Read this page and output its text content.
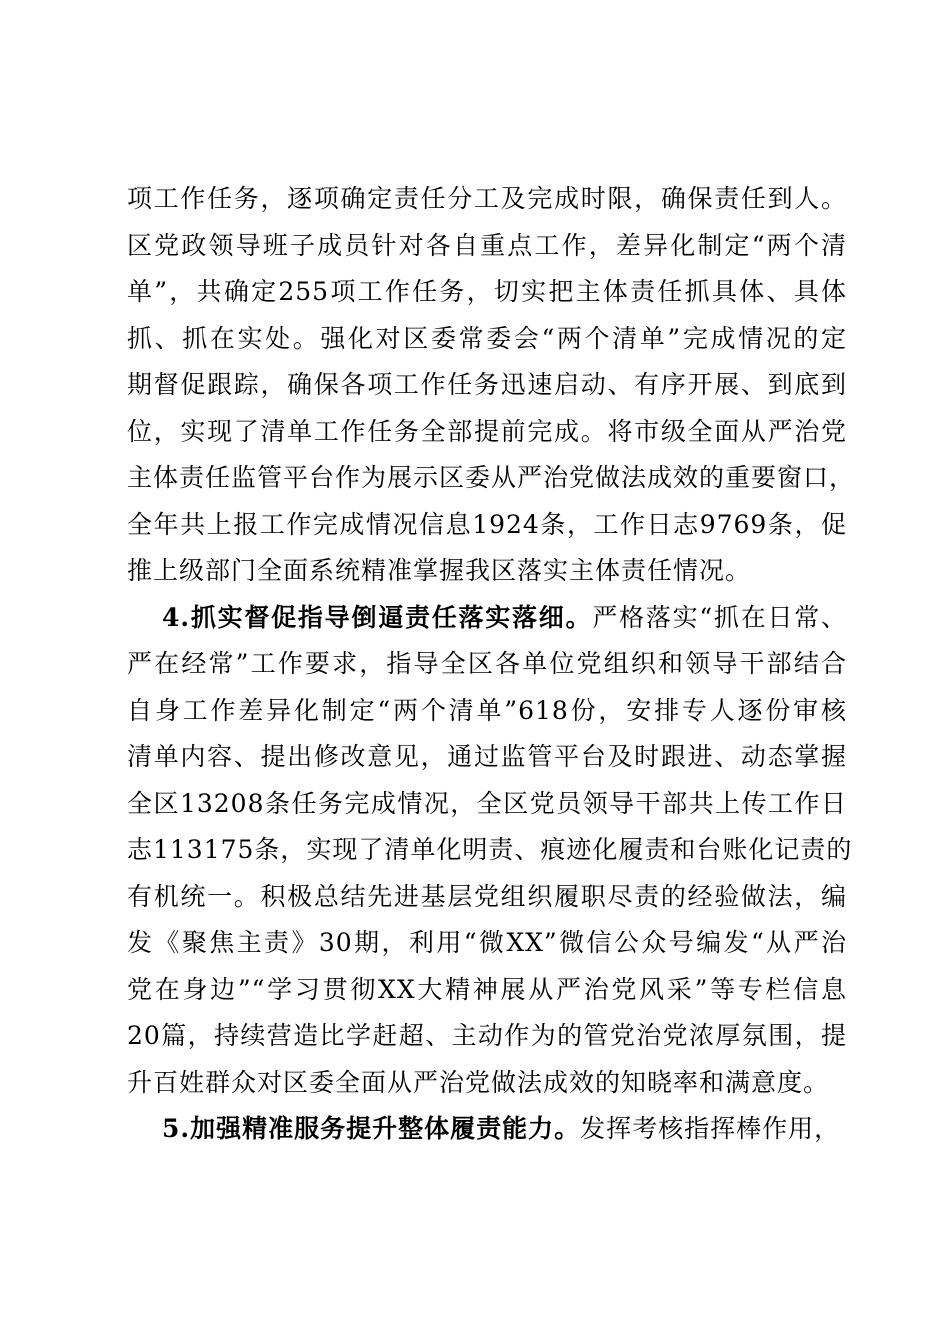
项工作任务，逐项确定责任分工及完成时限，确保责任到人。
区党政领导班子成员针对各自重点工作，差异化制定“两个清
单”，共确定255项工作任务，切实把主体责任抓具体、具体
抓、抓在实处。强化对区委常委会“两个清单”完成情况的定
期督促跟踪，确保各项工作任务迅速启动、有序开展、到底到
位，实现了清单工作任务全部提前完成。将市级全面从严治党
主体责任监管平台作为展示区委从严治党做法成效的重要窗口，
全年共上报工作完成情况信息1924条，工作日志9769条，促
推上级部门全面系统精准掌握我区落实主体责任情况。
4.抓实督促指导倒逼责任落实落细。严格落实“抓在日常、
严在经常”工作要求，指导全区各单位党组织和领导干部结合
自身工作差异化制定“两个清单”618份，安排专人逐份审核
清单内容、提出修改意见，通过监管平台及时跟进、动态掌握
全区13208条任务完成情况，全区党员领导干部共上传工作日
志113175条，实现了清单化明责、痕迹化履责和台账化记责的
有机统一。积极总结先进基层党组织履职尽责的经验做法，编
发《聚焦主责》30期，利用“微XX”微信公众号编发“从严治
党在身边”“学习贯彻XX大精神展从严治党风采”等专栏信息
20篇，持续营造比学赶超、主动作为的管党治党浓厚氛围，提
升百姓群众对区委全面从严治党做法成效的知晓率和满意度。
5.加强精准服务提升整体履责能力。发挥考核指挥棒作用，
